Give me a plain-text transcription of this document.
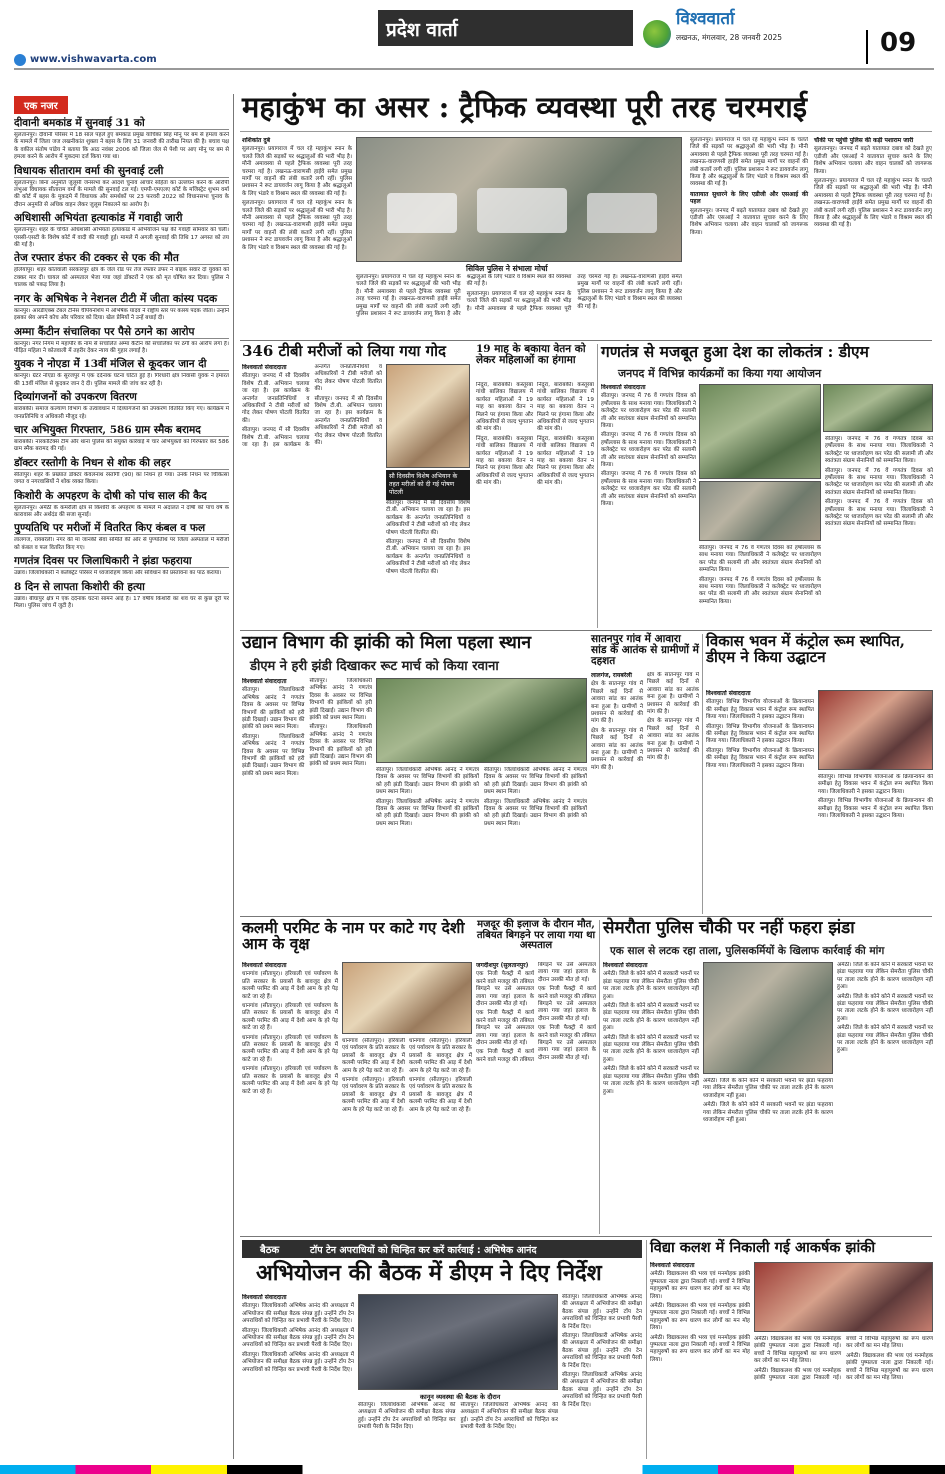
प्रदेश वार्ता	विश्ववार्ता
लखनऊ, मंगलवार, 28 जनवरी 2025	09
www.vishwavarta.com
एक नजर
दीवानी बमकांड में सुनवाई 31 को
सुलतानपुर। दीवानी परिसर में 18 साल पहले हुए बमकांड प्रमुख याचिका सिंह मोनू पर बम से हमला करने के मामले में जिला जज लखनीकांत शुक्ला ने बहस के लिए 31 जनवरी की तारीख नियत की है। बचाव पक्ष के वकील संतोष पांडेय ने बताया कि आठ नवंबर 2006 को जिला जेल से पेशी पर आए मोनू पर बम से हमला करने के आरोप में मुकदमा दर्ज किया गया था।
विधायक सीताराम वर्मा की सुनवाई टली
सुलतानपुर। बिना अनुमति जुलूसी जनसभा कर आदर्श चुनाव आचार संहिता का उल्लंघन करने के आरोपी लंभुआ विधायक सीताराम वर्मा के मामले की सुनवाई टल गई। एमपी-एमएलए कोर्ट के मजिस्ट्रेट शुभम वर्मा की कोर्ट में बहस के मुकदमे में विधायक और समर्थकों पर 23 फरवरी 2022 को विधानसभा चुनाव के दौरान अनुमति से अधिक वाहन लेकर जुलूस निकालने का आरोप है।
अधिशासी अभियंता हत्याकांड में गवाही जारी
सुलतानपुर। शहर के चर्चित अधिशासी अभियंता हत्याकांड में अभियोजन पक्ष की गवाही सोमवार को चली। एससी-एसटी के विशेष कोर्ट में वादी की गवाही हुई। मामले में अगली सुनवाई की तिथि 17 अगस्त को तय की गई है।
तेज रफ्तार डंफर की टक्कर से एक की मौत
हलियापुर। शहर कोतवाली सरकारपुर क्षेत्र के जेल रोड पर तेज रफ्तार डंफर ने बाइक सवार दो युवकों को टक्कर मार दी। घायल को अस्पताल भेजा गया जहां डॉक्टरों ने एक को मृत घोषित कर दिया। पुलिस ने चालक को पकड़ लिया है।
नगर के अभिषेक ने नेशनल टीटी में जीता कांस्य पदक
कानपुर। आरडीएक्स टेबल टेनिस चैंपियनशिप में अभिषेक यादव ने राष्ट्रीय स्तर पर कांस्य पदक जीता। उन्होंने इसका श्रेय अपने कोच और परिवार को दिया। खेल प्रेमियों ने उन्हें बधाई दी।
अम्मा कैंटीन संचालिका पर पैसे ठगने का आरोप
कानपुर। नगर निगम में महापौर के नाम से संचालित अम्मा कैंटीन की संचालिका पर ठगी का आरोप लगा है। पीड़ित महिला ने कोतवाली में तहरीर देकर न्याय की गुहार लगाई है।
युवक ने नोएडा में 13वीं मंजिल से कूदकर जान दी
कानपुर। ग्रेटर नोएडा के सूरजपुर में एक दर्दनाक घटना घटित हुई है। गिरधारी क्षेत्र निवासी युवक ने इमारत की 13वीं मंजिल से कूदकर जान दे दी। पुलिस मामले की जांच कर रही है।
दिव्यांगजनों को उपकरण वितरण
बाराबंकी। समाज कल्याण विभाग के तत्वावधान में दिव्यांगजनों को उपकरण वितरित किए गए। कार्यक्रम में जनप्रतिनिधि व अधिकारी मौजूद रहे।
चार अभियुक्त गिरफ्तार, 586 ग्राम स्मैक बरामद
बाराबंकी। नारकोटिक्स टीम और थाना पुलिस की संयुक्त कार्रवाई में चार अभियुक्तों को गिरफ्तार कर 586 ग्राम स्मैक बरामद की गई।
डॉक्टर रस्तोगी के निधन से शोक की लहर
सीतापुर। शहर के प्रख्यात डॉक्टर केवलनाथ रस्तोगी (90) का निधन हो गया। उनके निधन पर चिकित्सा जगत व नगरवासियों ने शोक व्यक्त किया।
किशोरी के अपहरण के दोषी को पांच साल की कैद
सुलतानपुर। अमेठी के कमरौली क्षेत्र से किशोरी के अपहरण के मामले में अदालत ने दोषी को पांच वर्ष के कारावास और अर्थदंड की सजा सुनाई।
पुण्यतिथि पर मरीजों में वितरित किए कंबल व फल
लालगंज, रायबरेली। नगर की मां जानकी सेवा समिति की ओर से पुण्यतिथि पर जिला अस्पताल में मरीजों को कंबल व फल वितरित किए गए।
गणतंत्र दिवस पर जिलाधिकारी ने झंडा फहराया
उन्नाव। जिलाधिकारी ने कलेक्ट्रेट परिसर में ध्वजारोहण किया और संविधान की प्रस्तावना का पाठ कराया।
8 दिन से लापता किशोरी की हत्या
उन्नाव। बीघापुर क्षेत्र में एक दर्दनाक घटना सामने आई है। 17 वर्षीय किशोरी का शव घर से कुछ दूरी पर मिला। पुलिस जांच में जुटी है।
महाकुंभ का असर : ट्रैफिक व्यवस्था पूरी तरह चरमराई
शशिकांत दुबे

सुलतानपुर। प्रयागराज में चल रहे महाकुंभ स्नान के चलते जिले की सड़कों पर श्रद्धालुओं की भारी भीड़ है। मौनी अमावस्या से पहले ट्रैफिक व्यवस्था पूरी तरह चरमरा गई है। लखनऊ-वाराणसी हाईवे समेत प्रमुख मार्गों पर वाहनों की लंबी कतारें लगी रहीं। पुलिस प्रशासन ने रूट डायवर्जन लागू किया है और श्रद्धालुओं के लिए भंडारे व विश्राम स्थल की व्यवस्था की गई है।

सुलतानपुर। प्रयागराज में चल रहे महाकुंभ स्नान के चलते जिले की सड़कों पर श्रद्धालुओं की भारी भीड़ है। मौनी अमावस्या से पहले ट्रैफिक व्यवस्था पूरी तरह चरमरा गई है। लखनऊ-वाराणसी हाईवे समेत प्रमुख मार्गों पर वाहनों की लंबी कतारें लगी रहीं। पुलिस प्रशासन ने रूट डायवर्जन लागू किया है और श्रद्धालुओं के लिए भंडारे व विश्राम स्थल की व्यवस्था की गई है।

सिविल पुलिस ने संभाला मोर्चा

सुलतानपुर। प्रयागराज में चल रहे महाकुंभ स्नान के चलते जिले की सड़कों पर श्रद्धालुओं की भारी भीड़ है। मौनी अमावस्या से पहले ट्रैफिक व्यवस्था पूरी तरह चरमरा गई है। लखनऊ-वाराणसी हाईवे समेत प्रमुख मार्गों पर वाहनों की लंबी कतारें लगी रहीं। पुलिस प्रशासन ने रूट डायवर्जन लागू किया है और श्रद्धालुओं के लिए भंडारे व विश्राम स्थल की व्यवस्था की गई है।

सुलतानपुर। प्रयागराज में चल रहे महाकुंभ स्नान के चलते जिले की सड़कों पर श्रद्धालुओं की भारी भीड़ है। मौनी अमावस्या से पहले ट्रैफिक व्यवस्था पूरी तरह चरमरा गई है। लखनऊ-वाराणसी हाईवे समेत प्रमुख मार्गों पर वाहनों की लंबी कतारें लगी रहीं। पुलिस प्रशासन ने रूट डायवर्जन लागू किया है और श्रद्धालुओं के लिए भंडारे व विश्राम स्थल की व्यवस्था की गई है।

सुलतानपुर। प्रयागराज में चल रहे महाकुंभ स्नान के चलते जिले की सड़कों पर श्रद्धालुओं की भारी भीड़ है। मौनी अमावस्या से पहले ट्रैफिक व्यवस्था पूरी तरह चरमरा गई है। लखनऊ-वाराणसी हाईवे समेत प्रमुख मार्गों पर वाहनों की लंबी कतारें लगी रहीं। पुलिस प्रशासन ने रूट डायवर्जन लागू किया है और श्रद्धालुओं के लिए भंडारे व विश्राम स्थल की व्यवस्था की गई है।

यातायात सुधारने के लिए एडीजी और एसआई की पहल

सुलतानपुर। जनपद में बढ़ते यातायात दबाव को देखते हुए एडीजी और एसआई ने यातायात सुचारु करने के लिए विशेष अभियान चलाया और वाहन चालकों को जागरूक किया।

चौकी पर पहुंची पुलिस की कड़ी पशाराम जारी

सुलतानपुर। जनपद में बढ़ते यातायात दबाव को देखते हुए एडीजी और एसआई ने यातायात सुचारु करने के लिए विशेष अभियान चलाया और वाहन चालकों को जागरूक किया।

सुलतानपुर। प्रयागराज में चल रहे महाकुंभ स्नान के चलते जिले की सड़कों पर श्रद्धालुओं की भारी भीड़ है। मौनी अमावस्या से पहले ट्रैफिक व्यवस्था पूरी तरह चरमरा गई है। लखनऊ-वाराणसी हाईवे समेत प्रमुख मार्गों पर वाहनों की लंबी कतारें लगी रहीं। पुलिस प्रशासन ने रूट डायवर्जन लागू किया है और श्रद्धालुओं के लिए भंडारे व विश्राम स्थल की व्यवस्था की गई है।

346 टीबी मरीजों को लिया गया गोद
विश्ववार्ता संवाददाता

सीतापुर। जनपद में सौ दिवसीय विशेष टी.बी. अभियान चलाया जा रहा है। इस कार्यक्रम के अन्तर्गत जनप्रतिनिधियों व अधिकारियों ने टीबी मरीजों को गोद लेकर पोषण पोटली वितरित की।

सीतापुर। जनपद में सौ दिवसीय विशेष टी.बी. अभियान चलाया जा रहा है। इस कार्यक्रम के अन्तर्गत जनप्रतिनिधियों व अधिकारियों ने टीबी मरीजों को गोद लेकर पोषण पोटली वितरित की।

सीतापुर। जनपद में सौ दिवसीय विशेष टी.बी. अभियान चलाया जा रहा है। इस कार्यक्रम के अन्तर्गत जनप्रतिनिधियों व अधिकारियों ने टीबी मरीजों को गोद लेकर पोषण पोटली वितरित की।

सौ दिवसीय विशेष अभियान के तहत मरीजों को दी गई पोषण पोटली

सीतापुर। जनपद में सौ दिवसीय विशेष टी.बी. अभियान चलाया जा रहा है। इस कार्यक्रम के अन्तर्गत जनप्रतिनिधियों व अधिकारियों ने टीबी मरीजों को गोद लेकर पोषण पोटली वितरित की।

सीतापुर। जनपद में सौ दिवसीय विशेष टी.बी. अभियान चलाया जा रहा है। इस कार्यक्रम के अन्तर्गत जनप्रतिनिधियों व अधिकारियों ने टीबी मरीजों को गोद लेकर पोषण पोटली वितरित की।

19 माह के बकाया वेतन को लेकर महिलाओं का हंगामा

निंदुरा, बाराबंकी। कस्तूरबा गांधी बालिका विद्यालय में कार्यरत महिलाओं ने 19 माह का बकाया वेतन न मिलने पर हंगामा किया और अधिकारियों से जल्द भुगतान की मांग की।

निंदुरा, बाराबंकी। कस्तूरबा गांधी बालिका विद्यालय में कार्यरत महिलाओं ने 19 माह का बकाया वेतन न मिलने पर हंगामा किया और अधिकारियों से जल्द भुगतान की मांग की।

निंदुरा, बाराबंकी। कस्तूरबा गांधी बालिका विद्यालय में कार्यरत महिलाओं ने 19 माह का बकाया वेतन न मिलने पर हंगामा किया और अधिकारियों से जल्द भुगतान की मांग की।

निंदुरा, बाराबंकी। कस्तूरबा गांधी बालिका विद्यालय में कार्यरत महिलाओं ने 19 माह का बकाया वेतन न मिलने पर हंगामा किया और अधिकारियों से जल्द भुगतान की मांग की।

गणतंत्र से मजबूत हुआ देश का लोकतंत्र : डीएम
जनपद में विभिन्न कार्यक्रमों का किया गया आयोजन
विश्ववार्ता संवाददाता

सीतापुर। जनपद में 76 वें गणतंत्र दिवस को हर्षोल्लास के साथ मनाया गया। जिलाधिकारी ने कलेक्ट्रेट पर ध्वजारोहण कर परेड की सलामी ली और स्वतंत्रता संग्राम सेनानियों को सम्मानित किया।

सीतापुर। जनपद में 76 वें गणतंत्र दिवस को हर्षोल्लास के साथ मनाया गया। जिलाधिकारी ने कलेक्ट्रेट पर ध्वजारोहण कर परेड की सलामी ली और स्वतंत्रता संग्राम सेनानियों को सम्मानित किया।

सीतापुर। जनपद में 76 वें गणतंत्र दिवस को हर्षोल्लास के साथ मनाया गया। जिलाधिकारी ने कलेक्ट्रेट पर ध्वजारोहण कर परेड की सलामी ली और स्वतंत्रता संग्राम सेनानियों को सम्मानित किया।

सीतापुर। जनपद में 76 वें गणतंत्र दिवस को हर्षोल्लास के साथ मनाया गया। जिलाधिकारी ने कलेक्ट्रेट पर ध्वजारोहण कर परेड की सलामी ली और स्वतंत्रता संग्राम सेनानियों को सम्मानित किया।

सीतापुर। जनपद में 76 वें गणतंत्र दिवस को हर्षोल्लास के साथ मनाया गया। जिलाधिकारी ने कलेक्ट्रेट पर ध्वजारोहण कर परेड की सलामी ली और स्वतंत्रता संग्राम सेनानियों को सम्मानित किया।

सीतापुर। जनपद में 76 वें गणतंत्र दिवस को हर्षोल्लास के साथ मनाया गया। जिलाधिकारी ने कलेक्ट्रेट पर ध्वजारोहण कर परेड की सलामी ली और स्वतंत्रता संग्राम सेनानियों को सम्मानित किया।

सीतापुर। जनपद में 76 वें गणतंत्र दिवस को हर्षोल्लास के साथ मनाया गया। जिलाधिकारी ने कलेक्ट्रेट पर ध्वजारोहण कर परेड की सलामी ली और स्वतंत्रता संग्राम सेनानियों को सम्मानित किया।

सीतापुर। जनपद में 76 वें गणतंत्र दिवस को हर्षोल्लास के साथ मनाया गया। जिलाधिकारी ने कलेक्ट्रेट पर ध्वजारोहण कर परेड की सलामी ली और स्वतंत्रता संग्राम सेनानियों को सम्मानित किया।

उद्यान विभाग की झांकी को मिला पहला स्थान
डीएम ने हरी झंडी दिखाकर रूट मार्च को किया रवाना
विश्ववार्ता संवाददाता

सीतापुर। जिलाधिकारी अभिषेक आनंद ने गणतंत्र दिवस के अवसर पर विभिन्न विभागों की झांकियों को हरी झंडी दिखाई। उद्यान विभाग की झांकी को प्रथम स्थान मिला।

सीतापुर। जिलाधिकारी अभिषेक आनंद ने गणतंत्र दिवस के अवसर पर विभिन्न विभागों की झांकियों को हरी झंडी दिखाई। उद्यान विभाग की झांकी को प्रथम स्थान मिला।

सीतापुर। जिलाधिकारी अभिषेक आनंद ने गणतंत्र दिवस के अवसर पर विभिन्न विभागों की झांकियों को हरी झंडी दिखाई। उद्यान विभाग की झांकी को प्रथम स्थान मिला।

सीतापुर। जिलाधिकारी अभिषेक आनंद ने गणतंत्र दिवस के अवसर पर विभिन्न विभागों की झांकियों को हरी झंडी दिखाई। उद्यान विभाग की झांकी को प्रथम स्थान मिला।

सीतापुर। जिलाधिकारी अभिषेक आनंद ने गणतंत्र दिवस के अवसर पर विभिन्न विभागों की झांकियों को हरी झंडी दिखाई। उद्यान विभाग की झांकी को प्रथम स्थान मिला।

सीतापुर। जिलाधिकारी अभिषेक आनंद ने गणतंत्र दिवस के अवसर पर विभिन्न विभागों की झांकियों को हरी झंडी दिखाई। उद्यान विभाग की झांकी को प्रथम स्थान मिला।

सीतापुर। जिलाधिकारी अभिषेक आनंद ने गणतंत्र दिवस के अवसर पर विभिन्न विभागों की झांकियों को हरी झंडी दिखाई। उद्यान विभाग की झांकी को प्रथम स्थान मिला।

सीतापुर। जिलाधिकारी अभिषेक आनंद ने गणतंत्र दिवस के अवसर पर विभिन्न विभागों की झांकियों को हरी झंडी दिखाई। उद्यान विभाग की झांकी को प्रथम स्थान मिला।

सातनपुर गांव में आवारा सांड के आतंक से ग्रामीणों में दहशत
लालगंज, रायबरेली

क्षेत्र के सातनपुर गांव में पिछले कई दिनों से आवारा सांड का आतंक बना हुआ है। ग्रामीणों ने प्रशासन से कार्रवाई की मांग की है।

क्षेत्र के सातनपुर गांव में पिछले कई दिनों से आवारा सांड का आतंक बना हुआ है। ग्रामीणों ने प्रशासन से कार्रवाई की मांग की है।

क्षेत्र के सातनपुर गांव में पिछले कई दिनों से आवारा सांड का आतंक बना हुआ है। ग्रामीणों ने प्रशासन से कार्रवाई की मांग की है।

क्षेत्र के सातनपुर गांव में पिछले कई दिनों से आवारा सांड का आतंक बना हुआ है। ग्रामीणों ने प्रशासन से कार्रवाई की मांग की है।

विकास भवन में कंट्रोल रूम स्थापित, डीएम ने किया उद्घाटन
विश्ववार्ता संवाददाता

सीतापुर। विभिन्न विभागीय योजनाओं के क्रियान्वयन की समीक्षा हेतु विकास भवन में कंट्रोल रूम स्थापित किया गया। जिलाधिकारी ने इसका उद्घाटन किया।

सीतापुर। विभिन्न विभागीय योजनाओं के क्रियान्वयन की समीक्षा हेतु विकास भवन में कंट्रोल रूम स्थापित किया गया। जिलाधिकारी ने इसका उद्घाटन किया।

सीतापुर। विभिन्न विभागीय योजनाओं के क्रियान्वयन की समीक्षा हेतु विकास भवन में कंट्रोल रूम स्थापित किया गया। जिलाधिकारी ने इसका उद्घाटन किया।

सीतापुर। विभिन्न विभागीय योजनाओं के क्रियान्वयन की समीक्षा हेतु विकास भवन में कंट्रोल रूम स्थापित किया गया। जिलाधिकारी ने इसका उद्घाटन किया।

सीतापुर। विभिन्न विभागीय योजनाओं के क्रियान्वयन की समीक्षा हेतु विकास भवन में कंट्रोल रूम स्थापित किया गया। जिलाधिकारी ने इसका उद्घाटन किया।

कलमी परमिट के नाम पर काटे गए देशी आम के वृक्ष
विश्ववार्ता संवाददाता

धानगांव (सीतापुर)। हरियाली एवं पर्यावरण के प्रति सरकार के प्रयासों के बावजूद क्षेत्र में कलमी परमिट की आड़ में देशी आम के हरे पेड़ काटे जा रहे हैं।

धानगांव (सीतापुर)। हरियाली एवं पर्यावरण के प्रति सरकार के प्रयासों के बावजूद क्षेत्र में कलमी परमिट की आड़ में देशी आम के हरे पेड़ काटे जा रहे हैं।

धानगांव (सीतापुर)। हरियाली एवं पर्यावरण के प्रति सरकार के प्रयासों के बावजूद क्षेत्र में कलमी परमिट की आड़ में देशी आम के हरे पेड़ काटे जा रहे हैं।

धानगांव (सीतापुर)। हरियाली एवं पर्यावरण के प्रति सरकार के प्रयासों के बावजूद क्षेत्र में कलमी परमिट की आड़ में देशी आम के हरे पेड़ काटे जा रहे हैं।

धानगांव (सीतापुर)। हरियाली एवं पर्यावरण के प्रति सरकार के प्रयासों के बावजूद क्षेत्र में कलमी परमिट की आड़ में देशी आम के हरे पेड़ काटे जा रहे हैं।

धानगांव (सीतापुर)। हरियाली एवं पर्यावरण के प्रति सरकार के प्रयासों के बावजूद क्षेत्र में कलमी परमिट की आड़ में देशी आम के हरे पेड़ काटे जा रहे हैं।

धानगांव (सीतापुर)। हरियाली एवं पर्यावरण के प्रति सरकार के प्रयासों के बावजूद क्षेत्र में कलमी परमिट की आड़ में देशी आम के हरे पेड़ काटे जा रहे हैं।

धानगांव (सीतापुर)। हरियाली एवं पर्यावरण के प्रति सरकार के प्रयासों के बावजूद क्षेत्र में कलमी परमिट की आड़ में देशी आम के हरे पेड़ काटे जा रहे हैं।

मजदूर की इलाज के दौरान मौत, तबियत बिगड़ने पर लाया गया था अस्पताल
जगदीशपुर (सुलतानपुर)

एक निजी फैक्ट्री में कार्य करने वाले मजदूर की तबियत बिगड़ने पर उसे अस्पताल लाया गया जहां इलाज के दौरान उसकी मौत हो गई।

एक निजी फैक्ट्री में कार्य करने वाले मजदूर की तबियत बिगड़ने पर उसे अस्पताल लाया गया जहां इलाज के दौरान उसकी मौत हो गई।

एक निजी फैक्ट्री में कार्य करने वाले मजदूर की तबियत बिगड़ने पर उसे अस्पताल लाया गया जहां इलाज के दौरान उसकी मौत हो गई।

एक निजी फैक्ट्री में कार्य करने वाले मजदूर की तबियत बिगड़ने पर उसे अस्पताल लाया गया जहां इलाज के दौरान उसकी मौत हो गई।

एक निजी फैक्ट्री में कार्य करने वाले मजदूर की तबियत बिगड़ने पर उसे अस्पताल लाया गया जहां इलाज के दौरान उसकी मौत हो गई।

सेमरौता पुलिस चौकी पर नहीं फहरा झंडा
एक साल से लटक रहा ताला, पुलिसकर्मियों के खिलाफ कार्रवाई की मांग
विश्ववार्ता संवाददाता

अमेठी। जिले के कोने कोने में सरकारी भवनों पर झंडा फहराया गया लेकिन सेमरौता पुलिस चौकी पर ताला लटके होने के कारण ध्वजारोहण नहीं हुआ।

अमेठी। जिले के कोने कोने में सरकारी भवनों पर झंडा फहराया गया लेकिन सेमरौता पुलिस चौकी पर ताला लटके होने के कारण ध्वजारोहण नहीं हुआ।

अमेठी। जिले के कोने कोने में सरकारी भवनों पर झंडा फहराया गया लेकिन सेमरौता पुलिस चौकी पर ताला लटके होने के कारण ध्वजारोहण नहीं हुआ।

अमेठी। जिले के कोने कोने में सरकारी भवनों पर झंडा फहराया गया लेकिन सेमरौता पुलिस चौकी पर ताला लटके होने के कारण ध्वजारोहण नहीं हुआ।

अमेठी। जिले के कोने कोने में सरकारी भवनों पर झंडा फहराया गया लेकिन सेमरौता पुलिस चौकी पर ताला लटके होने के कारण ध्वजारोहण नहीं हुआ।

अमेठी। जिले के कोने कोने में सरकारी भवनों पर झंडा फहराया गया लेकिन सेमरौता पुलिस चौकी पर ताला लटके होने के कारण ध्वजारोहण नहीं हुआ।

अमेठी। जिले के कोने कोने में सरकारी भवनों पर झंडा फहराया गया लेकिन सेमरौता पुलिस चौकी पर ताला लटके होने के कारण ध्वजारोहण नहीं हुआ।

अमेठी। जिले के कोने कोने में सरकारी भवनों पर झंडा फहराया गया लेकिन सेमरौता पुलिस चौकी पर ताला लटके होने के कारण ध्वजारोहण नहीं हुआ।

अमेठी। जिले के कोने कोने में सरकारी भवनों पर झंडा फहराया गया लेकिन सेमरौता पुलिस चौकी पर ताला लटके होने के कारण ध्वजारोहण नहीं हुआ।

बैठक	टॉप टेन अपराधियों को चिन्हित कर करें कार्रवाई : अभिषेक आनंद
अभियोजन की बैठक में डीएम ने दिए निर्देश
विश्ववार्ता संवाददाता

सीतापुर। जिलाधिकारी अभिषेक आनंद की अध्यक्षता में अभियोजन की समीक्षा बैठक संपन्न हुई। उन्होंने टॉप टेन अपराधियों को चिन्हित कर प्रभावी पैरवी के निर्देश दिए।

सीतापुर। जिलाधिकारी अभिषेक आनंद की अध्यक्षता में अभियोजन की समीक्षा बैठक संपन्न हुई। उन्होंने टॉप टेन अपराधियों को चिन्हित कर प्रभावी पैरवी के निर्देश दिए।

सीतापुर। जिलाधिकारी अभिषेक आनंद की अध्यक्षता में अभियोजन की समीक्षा बैठक संपन्न हुई। उन्होंने टॉप टेन अपराधियों को चिन्हित कर प्रभावी पैरवी के निर्देश दिए।

कानून व्यवस्था की बैठक के दौरान

सीतापुर। जिलाधिकारी अभिषेक आनंद की अध्यक्षता में अभियोजन की समीक्षा बैठक संपन्न हुई। उन्होंने टॉप टेन अपराधियों को चिन्हित कर प्रभावी पैरवी के निर्देश दिए।

सीतापुर। जिलाधिकारी अभिषेक आनंद की अध्यक्षता में अभियोजन की समीक्षा बैठक संपन्न हुई। उन्होंने टॉप टेन अपराधियों को चिन्हित कर प्रभावी पैरवी के निर्देश दिए।

सीतापुर। जिलाधिकारी अभिषेक आनंद की अध्यक्षता में अभियोजन की समीक्षा बैठक संपन्न हुई। उन्होंने टॉप टेन अपराधियों को चिन्हित कर प्रभावी पैरवी के निर्देश दिए।

सीतापुर। जिलाधिकारी अभिषेक आनंद की अध्यक्षता में अभियोजन की समीक्षा बैठक संपन्न हुई। उन्होंने टॉप टेन अपराधियों को चिन्हित कर प्रभावी पैरवी के निर्देश दिए।

सीतापुर। जिलाधिकारी अभिषेक आनंद की अध्यक्षता में अभियोजन की समीक्षा बैठक संपन्न हुई। उन्होंने टॉप टेन अपराधियों को चिन्हित कर प्रभावी पैरवी के निर्देश दिए।

विद्या कलश में निकाली गई आकर्षक झांकी
विश्ववार्ता संवाददाता

अमेठी। विद्याकलश की भव्य एवं मनमोहक झांकी पुष्पलता नाला द्वारा निकाली गई। बच्चों ने विभिन्न महापुरुषों का रूप धारण कर लोगों का मन मोह लिया।

अमेठी। विद्याकलश की भव्य एवं मनमोहक झांकी पुष्पलता नाला द्वारा निकाली गई। बच्चों ने विभिन्न महापुरुषों का रूप धारण कर लोगों का मन मोह लिया।

अमेठी। विद्याकलश की भव्य एवं मनमोहक झांकी पुष्पलता नाला द्वारा निकाली गई। बच्चों ने विभिन्न महापुरुषों का रूप धारण कर लोगों का मन मोह लिया।

अमेठी। विद्याकलश की भव्य एवं मनमोहक झांकी पुष्पलता नाला द्वारा निकाली गई। बच्चों ने विभिन्न महापुरुषों का रूप धारण कर लोगों का मन मोह लिया।

अमेठी। विद्याकलश की भव्य एवं मनमोहक झांकी पुष्पलता नाला द्वारा निकाली गई। बच्चों ने विभिन्न महापुरुषों का रूप धारण कर लोगों का मन मोह लिया।

अमेठी। विद्याकलश की भव्य एवं मनमोहक झांकी पुष्पलता नाला द्वारा निकाली गई। बच्चों ने विभिन्न महापुरुषों का रूप धारण कर लोगों का मन मोह लिया।
